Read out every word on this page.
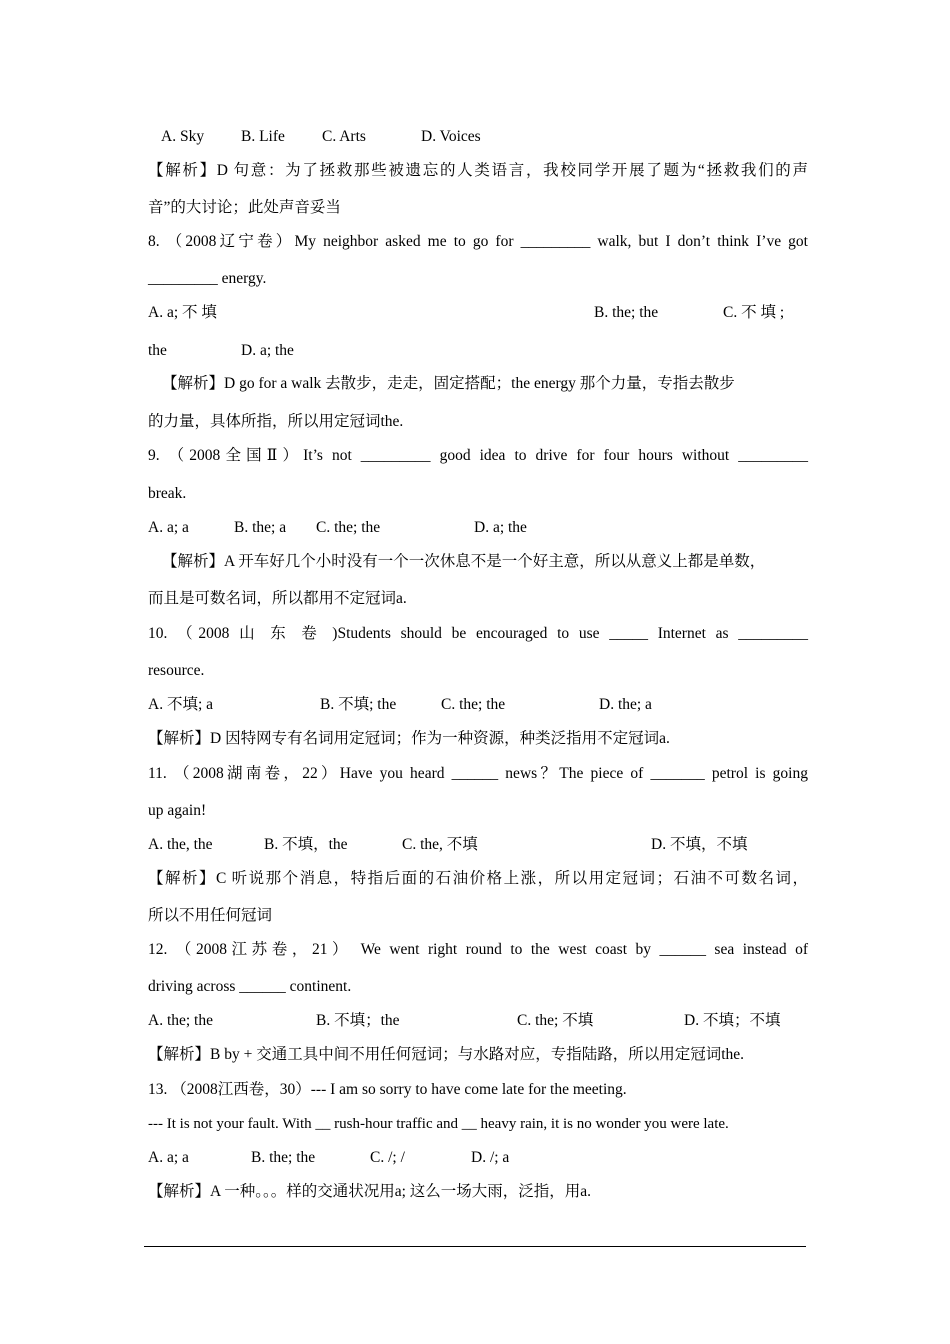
A. Sky B. Life C. Arts	D. Voices
【解析】D 句意：为了拯救那些被遗忘的人类语言，我校同学开展了题为“拯救我们的声
音”的大讨论；此处声音妥当
8. （2008辽宁卷）My neighbor asked me to go for _________ walk, but I don’t think I’ve got
_________ energy.
A. a; 不 填	B. the; the	C. 不 填 ;
the	D. a; the
【解析】D go for a walk 去散步，走走，固定搭配；the energy 那个力量，专指去散步
的力量，具体所指，所以用定冠词the.
9. （2008全国Ⅱ）It’s not _________ good idea to drive for four hours without _________
break.
A. a; a	B. the; a C. the; the	D. a; the
【解析】A 开车好几个小时没有一个一次休息不是一个好主意，所以从意义上都是单数，
而且是可数名词，所以都用不定冠词a.
10. （2008 山 东 卷 )Students should be encouraged to use _____ Internet as _________
resource.
A. 不填; a	B. 不填; the	C. the; the	D. the; a
【解析】D 因特网专有名词用定冠词；作为一种资源，种类泛指用不定冠词a.
11. （2008湖南卷，22）Have you heard ______ news？The piece of _______ petrol is going
up again!
A. the, the	B. 不填，the	C. the, 不填	D. 不填，不填
【解析】C 听说那个消息，特指后面的石油价格上涨，所以用定冠词；石油不可数名词，
所以不用任何冠词
12. （2008江苏卷，21） We went right round to the west coast by ______ sea instead of
driving across ______ continent.
A. the; the	B. 不填；the	C. the; 不填	D. 不填；不填
【解析】B by + 交通工具中间不用任何冠词；与水路对应，专指陆路，所以用定冠词the.
13. （2008江西卷，30）--- I am so sorry to have come late for the meeting.
--- It is not your fault. With __ rush-hour traffic and __ heavy rain, it is no wonder you were late.
A. a; a	B. the; the	C. /; /	D. /; a
【解析】A 一种。。。样的交通状况用a; 这么一场大雨，泛指，用a.
